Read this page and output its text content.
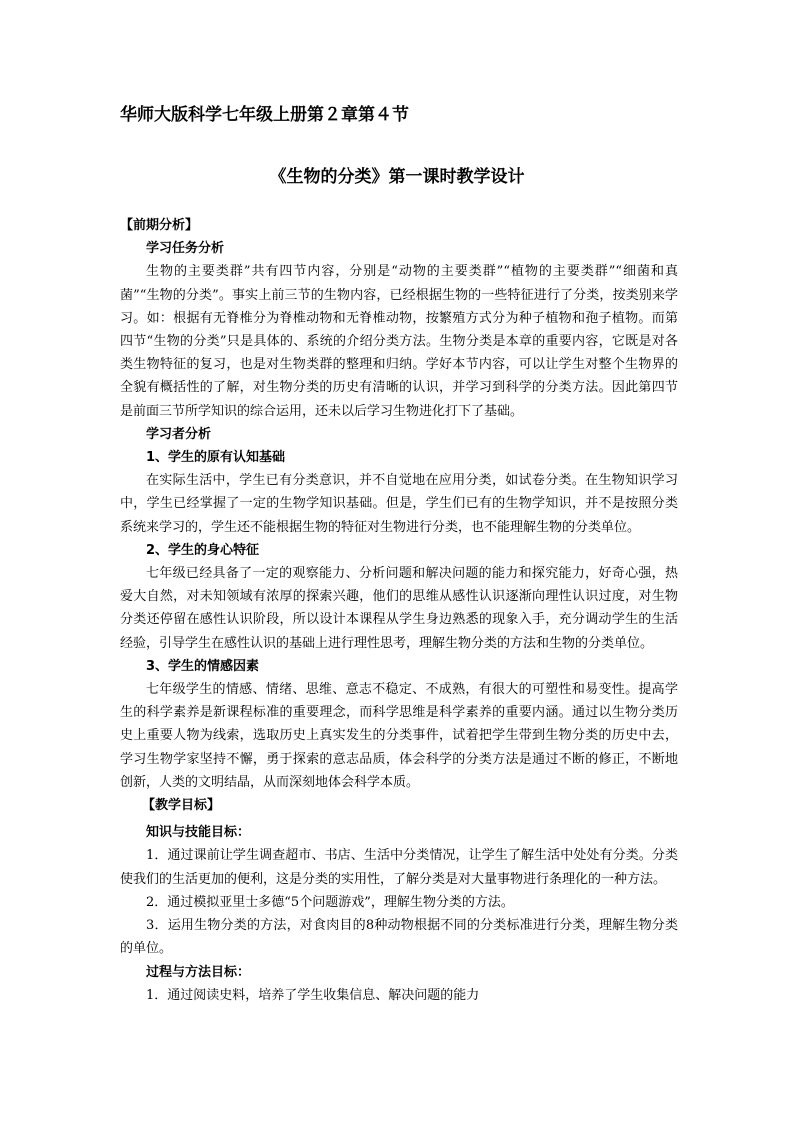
华师大版科学七年级上册第２章第４节
《生物的分类》第一课时教学设计

【前期分析】

学习任务分析

生物的主要类群”共有四节内容，分别是“动物的主要类群”“植物的主要类群”“细菌和真菌”“生物的分类”。事实上前三节的生物内容，已经根据生物的一些特征进行了分类，按类别来学习。如：根据有无脊椎分为脊椎动物和无脊椎动物，按繁殖方式分为种子植物和孢子植物。而第四节“生物的分类”只是具体的、系统的介绍分类方法。生物分类是本章的重要内容，它既是对各类生物特征的复习，也是对生物类群的整理和归纳。学好本节内容，可以让学生对整个生物界的全貌有概括性的了解，对生物分类的历史有清晰的认识，并学习到科学的分类方法。因此第四节是前面三节所学知识的综合运用，还未以后学习生物进化打下了基础。

学习者分析

1、学生的原有认知基础

在实际生活中，学生已有分类意识，并不自觉地在应用分类，如试卷分类。在生物知识学习中，学生已经掌握了一定的生物学知识基础。但是，学生们已有的生物学知识，并不是按照分类系统来学习的，学生还不能根据生物的特征对生物进行分类，也不能理解生物的分类单位。

2、学生的身心特征

七年级已经具备了一定的观察能力、分析问题和解决问题的能力和探究能力，好奇心强，热爱大自然，对未知领域有浓厚的探索兴趣，他们的思维从感性认识逐渐向理性认识过度，对生物分类还停留在感性认识阶段，所以设计本课程从学生身边熟悉的现象入手，充分调动学生的生活经验，引导学生在感性认识的基础上进行理性思考，理解生物分类的方法和生物的分类单位。

3、学生的情感因素

七年级学生的情感、情绪、思维、意志不稳定、不成熟，有很大的可塑性和易变性。提高学生的科学素养是新课程标准的重要理念，而科学思维是科学素养的重要内涵。通过以生物分类历史上重要人物为线索，选取历史上真实发生的分类事件，试着把学生带到生物分类的历史中去，学习生物学家坚持不懈，勇于探索的意志品质，体会科学的分类方法是通过不断的修正，不断地创新，人类的文明结晶，从而深刻地体会科学本质。

【教学目标】

知识与技能目标：

1．通过课前让学生调查超市、书店、生活中分类情况，让学生了解生活中处处有分类。分类使我们的生活更加的便利，这是分类的实用性，了解分类是对大量事物进行条理化的一种方法。

2．通过模拟亚里士多德“5个问题游戏”，理解生物分类的方法。

3．运用生物分类的方法，对食肉目的8种动物根据不同的分类标准进行分类，理解生物分类的单位。

过程与方法目标：

1．通过阅读史料，培养了学生收集信息、解决问题的能力
